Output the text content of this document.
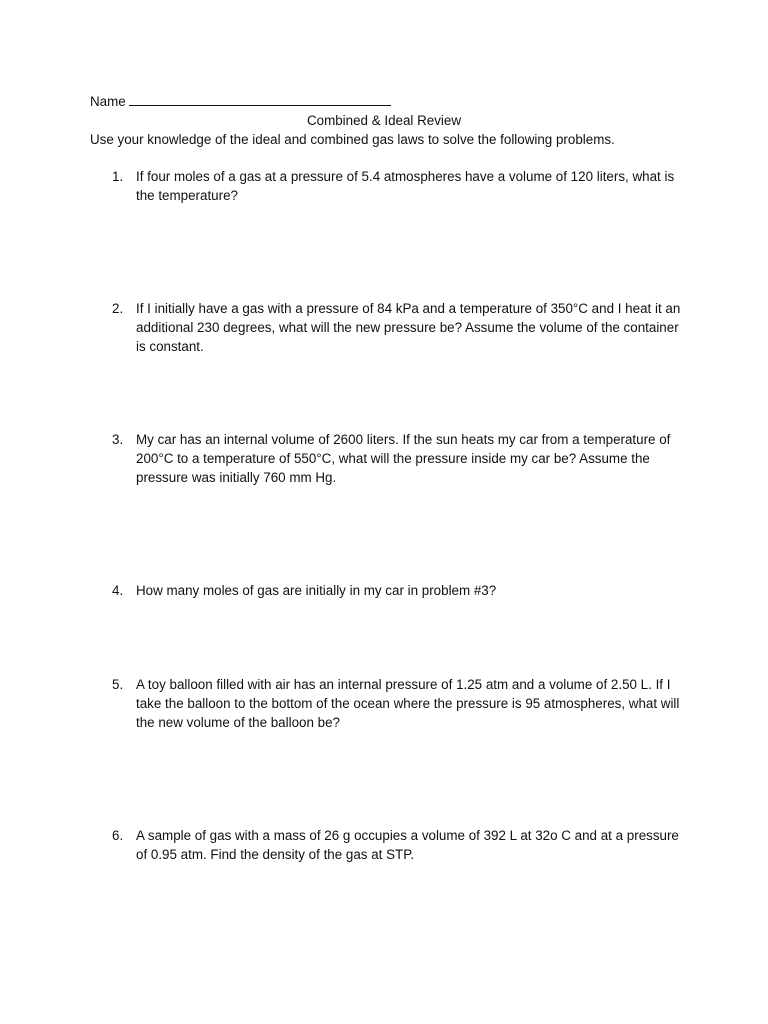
Name
Combined & Ideal Review
Use your knowledge of the ideal and combined gas laws to solve the following problems.
1. If four moles of a gas at a pressure of 5.4 atmospheres have a volume of 120 liters, what is the temperature?
2. If I initially have a gas with a pressure of 84 kPa and a temperature of 350°C and I heat it an additional 230 degrees, what will the new pressure be? Assume the volume of the container is constant.
3. My car has an internal volume of 2600 liters. If the sun heats my car from a temperature of 200°C to a temperature of 550°C, what will the pressure inside my car be? Assume the pressure was initially 760 mm Hg.
4. How many moles of gas are initially in my car in problem #3?
5. A toy balloon filled with air has an internal pressure of 1.25 atm and a volume of 2.50 L. If I take the balloon to the bottom of the ocean where the pressure is 95 atmospheres, what will the new volume of the balloon be?
6. A sample of gas with a mass of 26 g occupies a volume of 392 L at 32o C and at a pressure of 0.95 atm. Find the density of the gas at STP.
